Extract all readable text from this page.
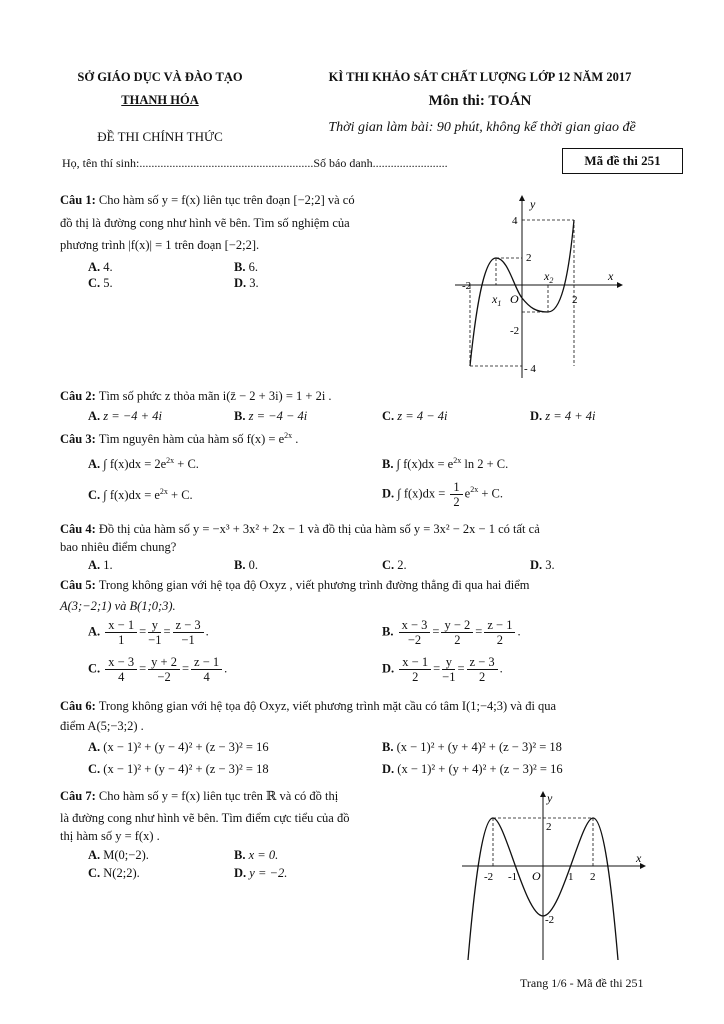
SỞ GIÁO DỤC VÀ ĐÀO TẠO
THANH HÓA
ĐỀ THI CHÍNH THỨC
KÌ THI KHẢO SÁT CHẤT LƯỢNG LỚP 12 NĂM 2017
Môn thi: TOÁN
Thời gian làm bài: 90 phút, không kể thời gian giao đề
Họ, tên thí sinh:..........................................................Số báo danh.........................	Mã đề thi 251
Câu 1: Cho hàm số y = f(x) liên tục trên đoạn [−2;2] và có
đồ thị là đường cong như hình vẽ bên. Tìm số nghiệm của
phương trình |f(x)| = 1 trên đoạn [−2;2].
A. 4.	B. 6.
C. 5.	D. 3.
y
x
O
4
2
-2
$x_1$
$x_2$
2
-2
- 4
Câu 2: Tìm số phức z thỏa mãn i(z̄ − 2 + 3i) = 1 + 2i .
A. z = −4 + 4i	B. z = −4 − 4i	C. z = 4 − 4i	D. z = 4 + 4i
Câu 3: Tìm nguyên hàm của hàm số $f(x) = e^{2x}$ .
A. ∫ $f(x)dx = 2e^{2x} + C$.	B. ∫ $f(x)dx = e^{2x}$ ln 2 + C.
C. ∫ $f(x)dx = e^{2x} + C$.	D. ∫ $f(x)dx = \frac{1}{2} e^{2x} + C$.
Câu 4: Đồ thị của hàm số y = −x³ + 3x² + 2x − 1 và đồ thị của hàm số y = 3x² − 2x − 1 có tất cả
bao nhiêu điểm chung?
A. 1.	B. 0.	C. 2.	D. 3.
Câu 5: Trong không gian với hệ tọa độ Oxyz , viết phương trình đường thẳng đi qua hai điểm
A(3;−2;1) và B(1;0;3).
A. $\frac{x - 1}{1} = \frac{y}{-1} = \frac{z - 3}{-1}$ .	B. $\frac{x - 3}{-2} = \frac{y - 2}{2} = \frac{z - 1}{2}$ .
C. $\frac{x - 3}{4} = \frac{y + 2}{-2} = \frac{z - 1}{4}$ .	D. $\frac{x - 1}{2} = \frac{y}{-1} = \frac{z - 3}{2}$ .
Câu 6: Trong không gian với hệ tọa độ Oxyz, viết phương trình mặt cầu có tâm I(1;−4;3) và đi qua
điểm A(5;−3;2) .
A. (x − 1)² + (y − 4)² + (z − 3)² = 16	B. (x − 1)² + (y + 4)² + (z − 3)² = 18
C. (x − 1)² + (y − 4)² + (z − 3)² = 18	D. (x − 1)² + (y + 4)² + (z − 3)² = 16
Câu 7: Cho hàm số y = f(x) liên tục trên ℝ và có đồ thị
là đường cong như hình vẽ bên. Tìm điểm cực tiểu của đồ
thị hàm số y = f(x) .
A. M(0;−2).	B. x = 0.
C. N(2;2).	D. y = −2.
y
x
O
2
-2 -1	1 2
-2
Trang 1/6 - Mã đề thi 251
